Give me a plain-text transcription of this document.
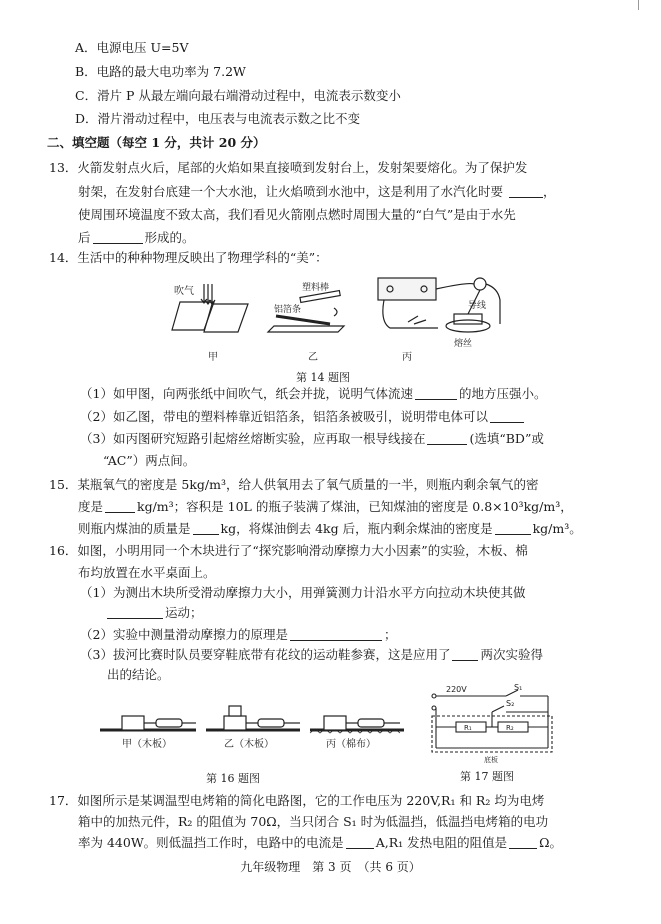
A．电源电压 U=5V
B．电路的最大电功率为 7.2W
C．滑片 P 从最左端向最右端滑动过程中，电流表示数变小
D．滑片滑动过程中，电压表与电流表示数之比不变
二、填空题（每空 1 分，共计 20 分）
13．火箭发射点火后，尾部的火焰如果直接喷到发射台上，发射架要熔化。为了保护发
射架，在发射台底建一个大水池，让火焰喷到水池中，这是利用了水汽化时要	，
使周围环境温度不致太高，我们看见火箭刚点燃时周围大量的“白气”是由于水先
后	形成的。
14．生活中的种种物理反映出了物理学科的“美”：
吹气
甲
塑料棒
铝箔条
乙
导线
熔丝
丙
第 14 题图
（1）如甲图，向两张纸中间吹气，纸会并拢，说明气体流速	的地方压强小。
（2）如乙图，带电的塑料棒靠近铝箔条，铝箔条被吸引，说明带电体可以
（3）如丙图研究短路引起熔丝熔断实验，应再取一根导线接在	(选填“BD”或
“AC”）两点间。
15．某瓶氧气的密度是 5kg/m³，给人供氧用去了氧气质量的一半，则瓶内剩余氧气的密
度是	kg/m³；容积是 10L 的瓶子装满了煤油，已知煤油的密度是 0.8×10³kg/m³，
则瓶内煤油的质量是 kg，将煤油倒去 4kg 后，瓶内剩余煤油的密度是	kg/m³。
16．如图，小明用同一个木块进行了“探究影响滑动摩擦力大小因素”的实验，木板、棉
布均放置在水平桌面上。
（1）为测出木块所受滑动摩擦力大小，用弹簧测力计沿水平方向拉动木块使其做
运动；
（2）实验中测量滑动摩擦力的原理是	；
（3）拔河比赛时队员要穿鞋底带有花纹的运动鞋参赛，这是应用了 两次实验得
出的结论。
甲（木板）	乙（木板）	丙（棉布）
第 16 题图
220V	S₁
S₂
R₁	R₂
底板
第 17 题图
17．如图所示是某调温型电烤箱的简化电路图，它的工作电压为 220V,R₁ 和 R₂ 均为电烤
箱中的加热元件，R₂ 的阻值为 70Ω，当只闭合 S₁ 时为低温挡，低温挡电烤箱的电功
率为 440W。则低温挡工作时，电路中的电流是	A,R₁ 发热电阻的阻值是	Ω。
九年级物理　第 3 页　（共 6 页）
